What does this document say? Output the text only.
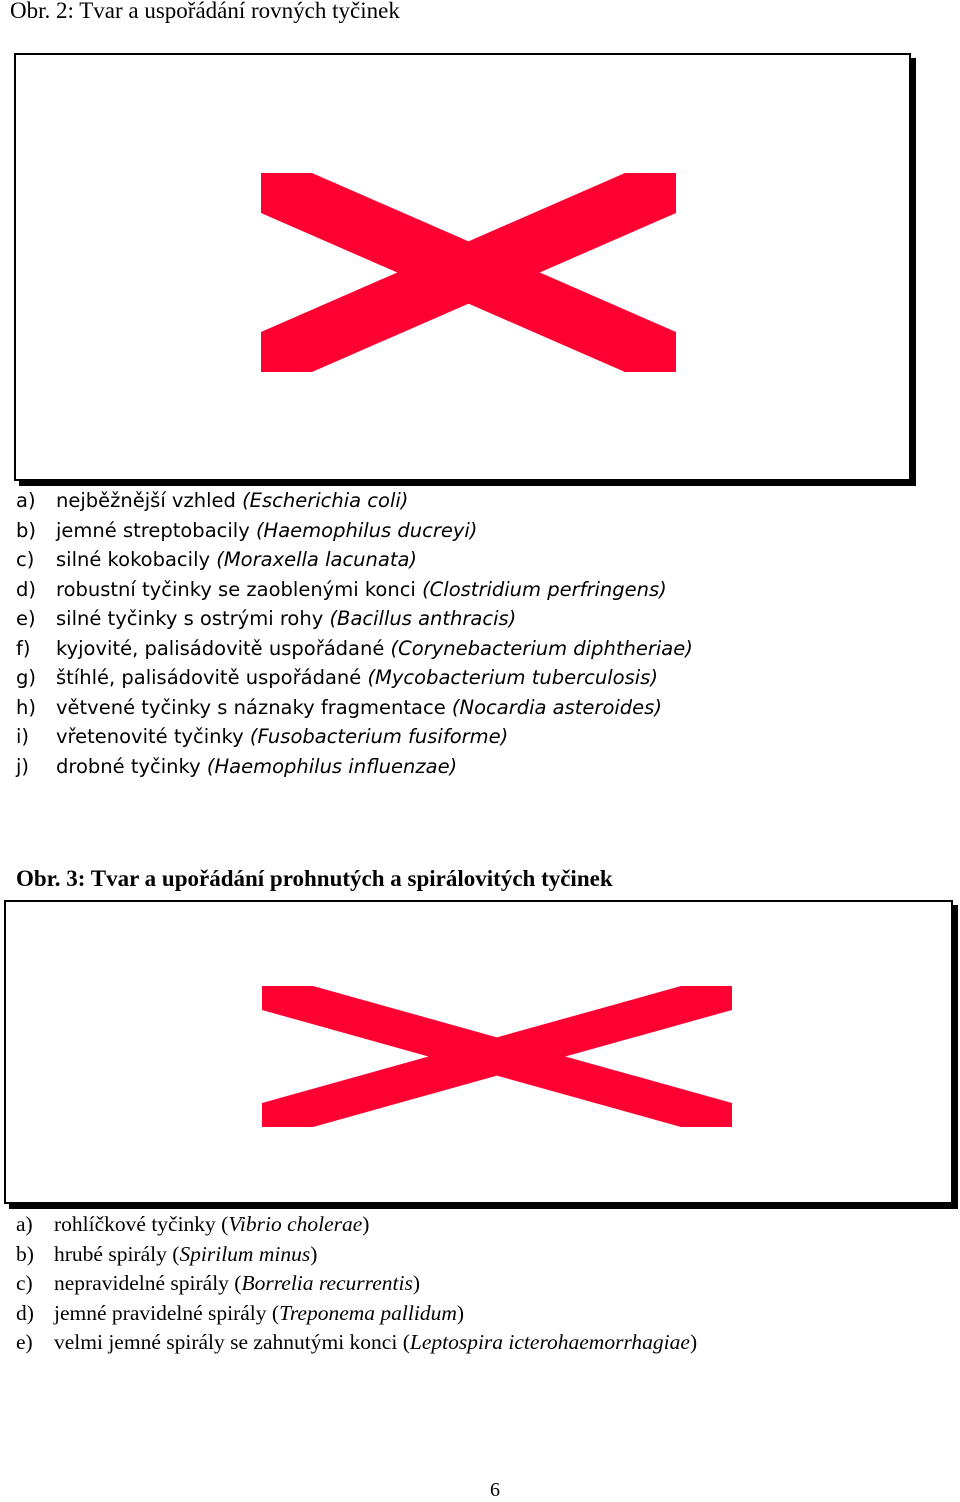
Obr. 2: Tvar a uspořádání rovných tyčinek
a) nejběžnější vzhled (Escherichia coli)
b) jemné streptobacily (Haemophilus ducreyi)
c) silné kokobacily (Moraxella lacunata)
d) robustní tyčinky se zaoblenými konci (Clostridium perfringens)
e) silné tyčinky s ostrými rohy (Bacillus anthracis)
f) kyjovité, palisádovitě uspořádané (Corynebacterium diphtheriae)
g) štíhlé, palisádovitě uspořádané (Mycobacterium tuberculosis)
h) větvené tyčinky s náznaky fragmentace (Nocardia asteroides)
i) vřetenovité tyčinky (Fusobacterium fusiforme)
j) drobné tyčinky (Haemophilus influenzae)
Obr. 3: Tvar a upořádání prohnutých a spirálovitých tyčinek
a) rohlíčkové tyčinky (Vibrio cholerae)
b) hrubé spirály (Spirilum minus)
c) nepravidelné spirály (Borrelia recurrentis)
d) jemné pravidelné spirály (Treponema pallidum)
e) velmi jemné spirály se zahnutými konci (Leptospira icterohaemorrhagiae)
6
